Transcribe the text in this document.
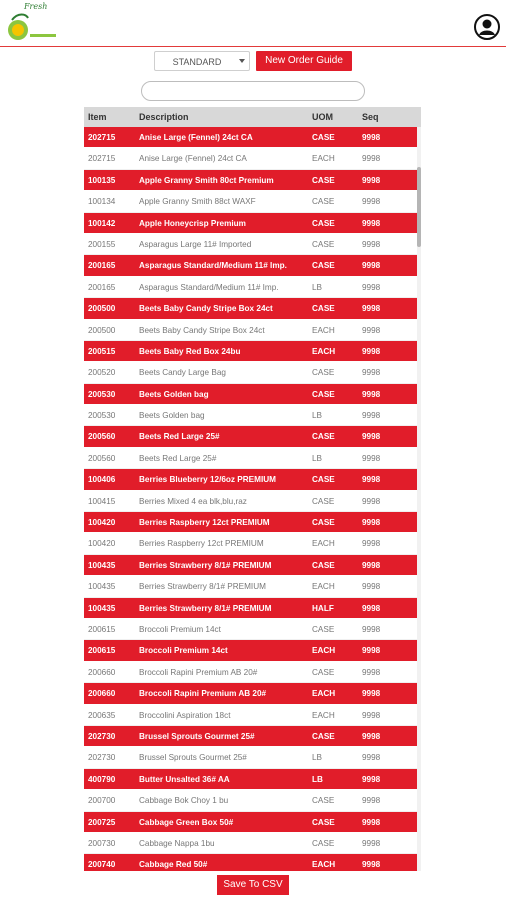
Fresh
STANDARD	New Order Guide
Item	Description	UOM	Seq
202715	Anise Large (Fennel) 24ct CA	CASE	9998
202715	Anise Large (Fennel) 24ct CA	EACH	9998
100135	Apple Granny Smith 80ct Premium	CASE	9998
100134	Apple Granny Smith 88ct WAXF	CASE	9998
100142	Apple Honeycrisp Premium	CASE	9998
200155	Asparagus Large 11# Imported	CASE	9998
200165	Asparagus Standard/Medium 11# Imp.	CASE	9998
200165	Asparagus Standard/Medium 11# Imp.	LB	9998
200500	Beets Baby Candy Stripe Box 24ct	CASE	9998
200500	Beets Baby Candy Stripe Box 24ct	EACH	9998
200515	Beets Baby Red Box 24bu	EACH	9998
200520	Beets Candy Large Bag	CASE	9998
200530	Beets Golden bag	CASE	9998
200530	Beets Golden bag	LB	9998
200560	Beets Red Large 25#	CASE	9998
200560	Beets Red Large 25#	LB	9998
100406	Berries Blueberry 12/6oz PREMIUM	CASE	9998
100415	Berries Mixed 4 ea blk,blu,raz	CASE	9998
100420	Berries Raspberry 12ct PREMIUM	CASE	9998
100420	Berries Raspberry 12ct PREMIUM	EACH	9998
100435	Berries Strawberry 8/1# PREMIUM	CASE	9998
100435	Berries Strawberry 8/1# PREMIUM	EACH	9998
100435	Berries Strawberry 8/1# PREMIUM	HALF	9998
200615	Broccoli Premium 14ct	CASE	9998
200615	Broccoli Premium 14ct	EACH	9998
200660	Broccoli Rapini Premium AB 20#	CASE	9998
200660	Broccoli Rapini Premium AB 20#	EACH	9998
200635	Broccolini Aspiration 18ct	EACH	9998
202730	Brussel Sprouts Gourmet 25#	CASE	9998
202730	Brussel Sprouts Gourmet 25#	LB	9998
400790	Butter Unsalted 36# AA	LB	9998
200700	Cabbage Bok Choy 1 bu	CASE	9998
200725	Cabbage Green Box 50#	CASE	9998
200730	Cabbage Nappa 1bu	CASE	9998
200740	Cabbage Red 50#	EACH	9998
Save To CSV
